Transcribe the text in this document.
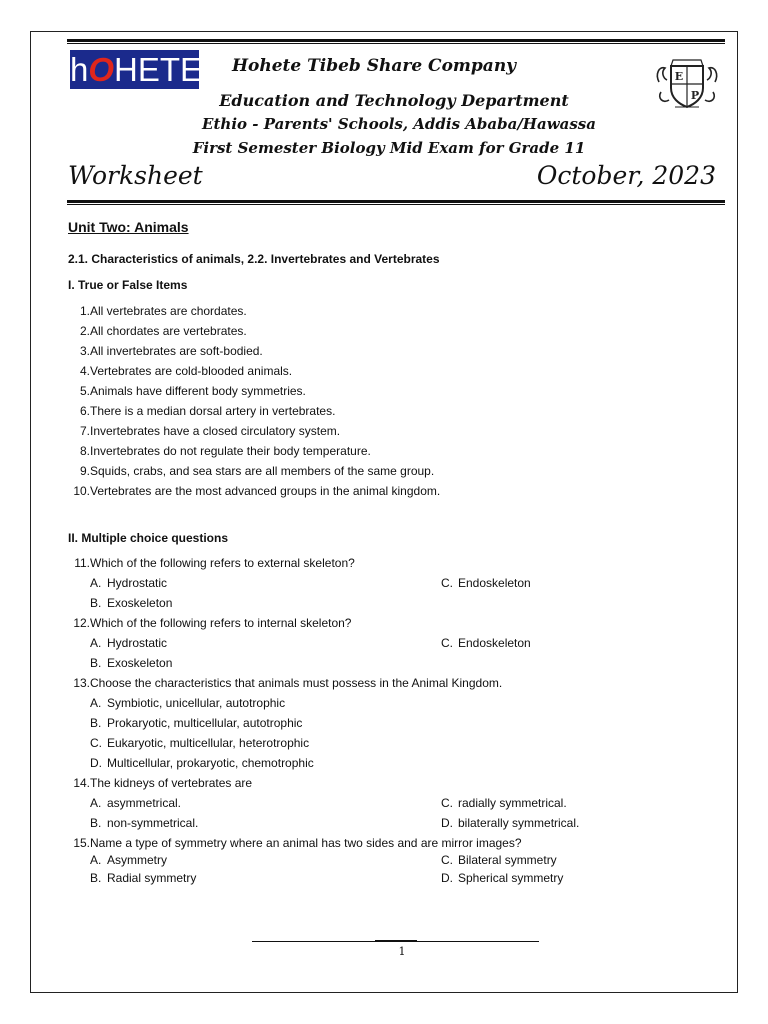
hOHETE	Hohete Tibeb Share Company
Education and Technology Department
Ethio - Parents' Schools, Addis Ababa/Hawassa
First Semester Biology Mid Exam for Grade 11
E
P
Worksheet	October, 2023
Unit Two: Animals
2.1. Characteristics of animals, 2.2. Invertebrates and Vertebrates
I. True or False Items
1. All vertebrates are chordates.
2. All chordates are vertebrates.
3. All invertebrates are soft-bodied.
4. Vertebrates are cold-blooded animals.
5. Animals have different body symmetries.
6. There is a median dorsal artery in vertebrates.
7. Invertebrates have a closed circulatory system.
8. Invertebrates do not regulate their body temperature.
9. Squids, crabs, and sea stars are all members of the same group.
10. Vertebrates are the most advanced groups in the animal kingdom.
II. Multiple choice questions
11. Which of the following refers to external skeleton?
A. Hydrostatic	C. Endoskeleton
B. Exoskeleton
12. Which of the following refers to internal skeleton?
A. Hydrostatic	C. Endoskeleton
B. Exoskeleton
13. Choose the characteristics that animals must possess in the Animal Kingdom.
A. Symbiotic, unicellular, autotrophic
B. Prokaryotic, multicellular, autotrophic
C. Eukaryotic, multicellular, heterotrophic
D. Multicellular, prokaryotic, chemotrophic
14. The kidneys of vertebrates are
A. asymmetrical.	C. radially symmetrical.
B. non-symmetrical.	D. bilaterally symmetrical.
15. Name a type of symmetry where an animal has two sides and are mirror images?
A. Asymmetry	C. Bilateral symmetry
B. Radial symmetry	D. Spherical symmetry
1
